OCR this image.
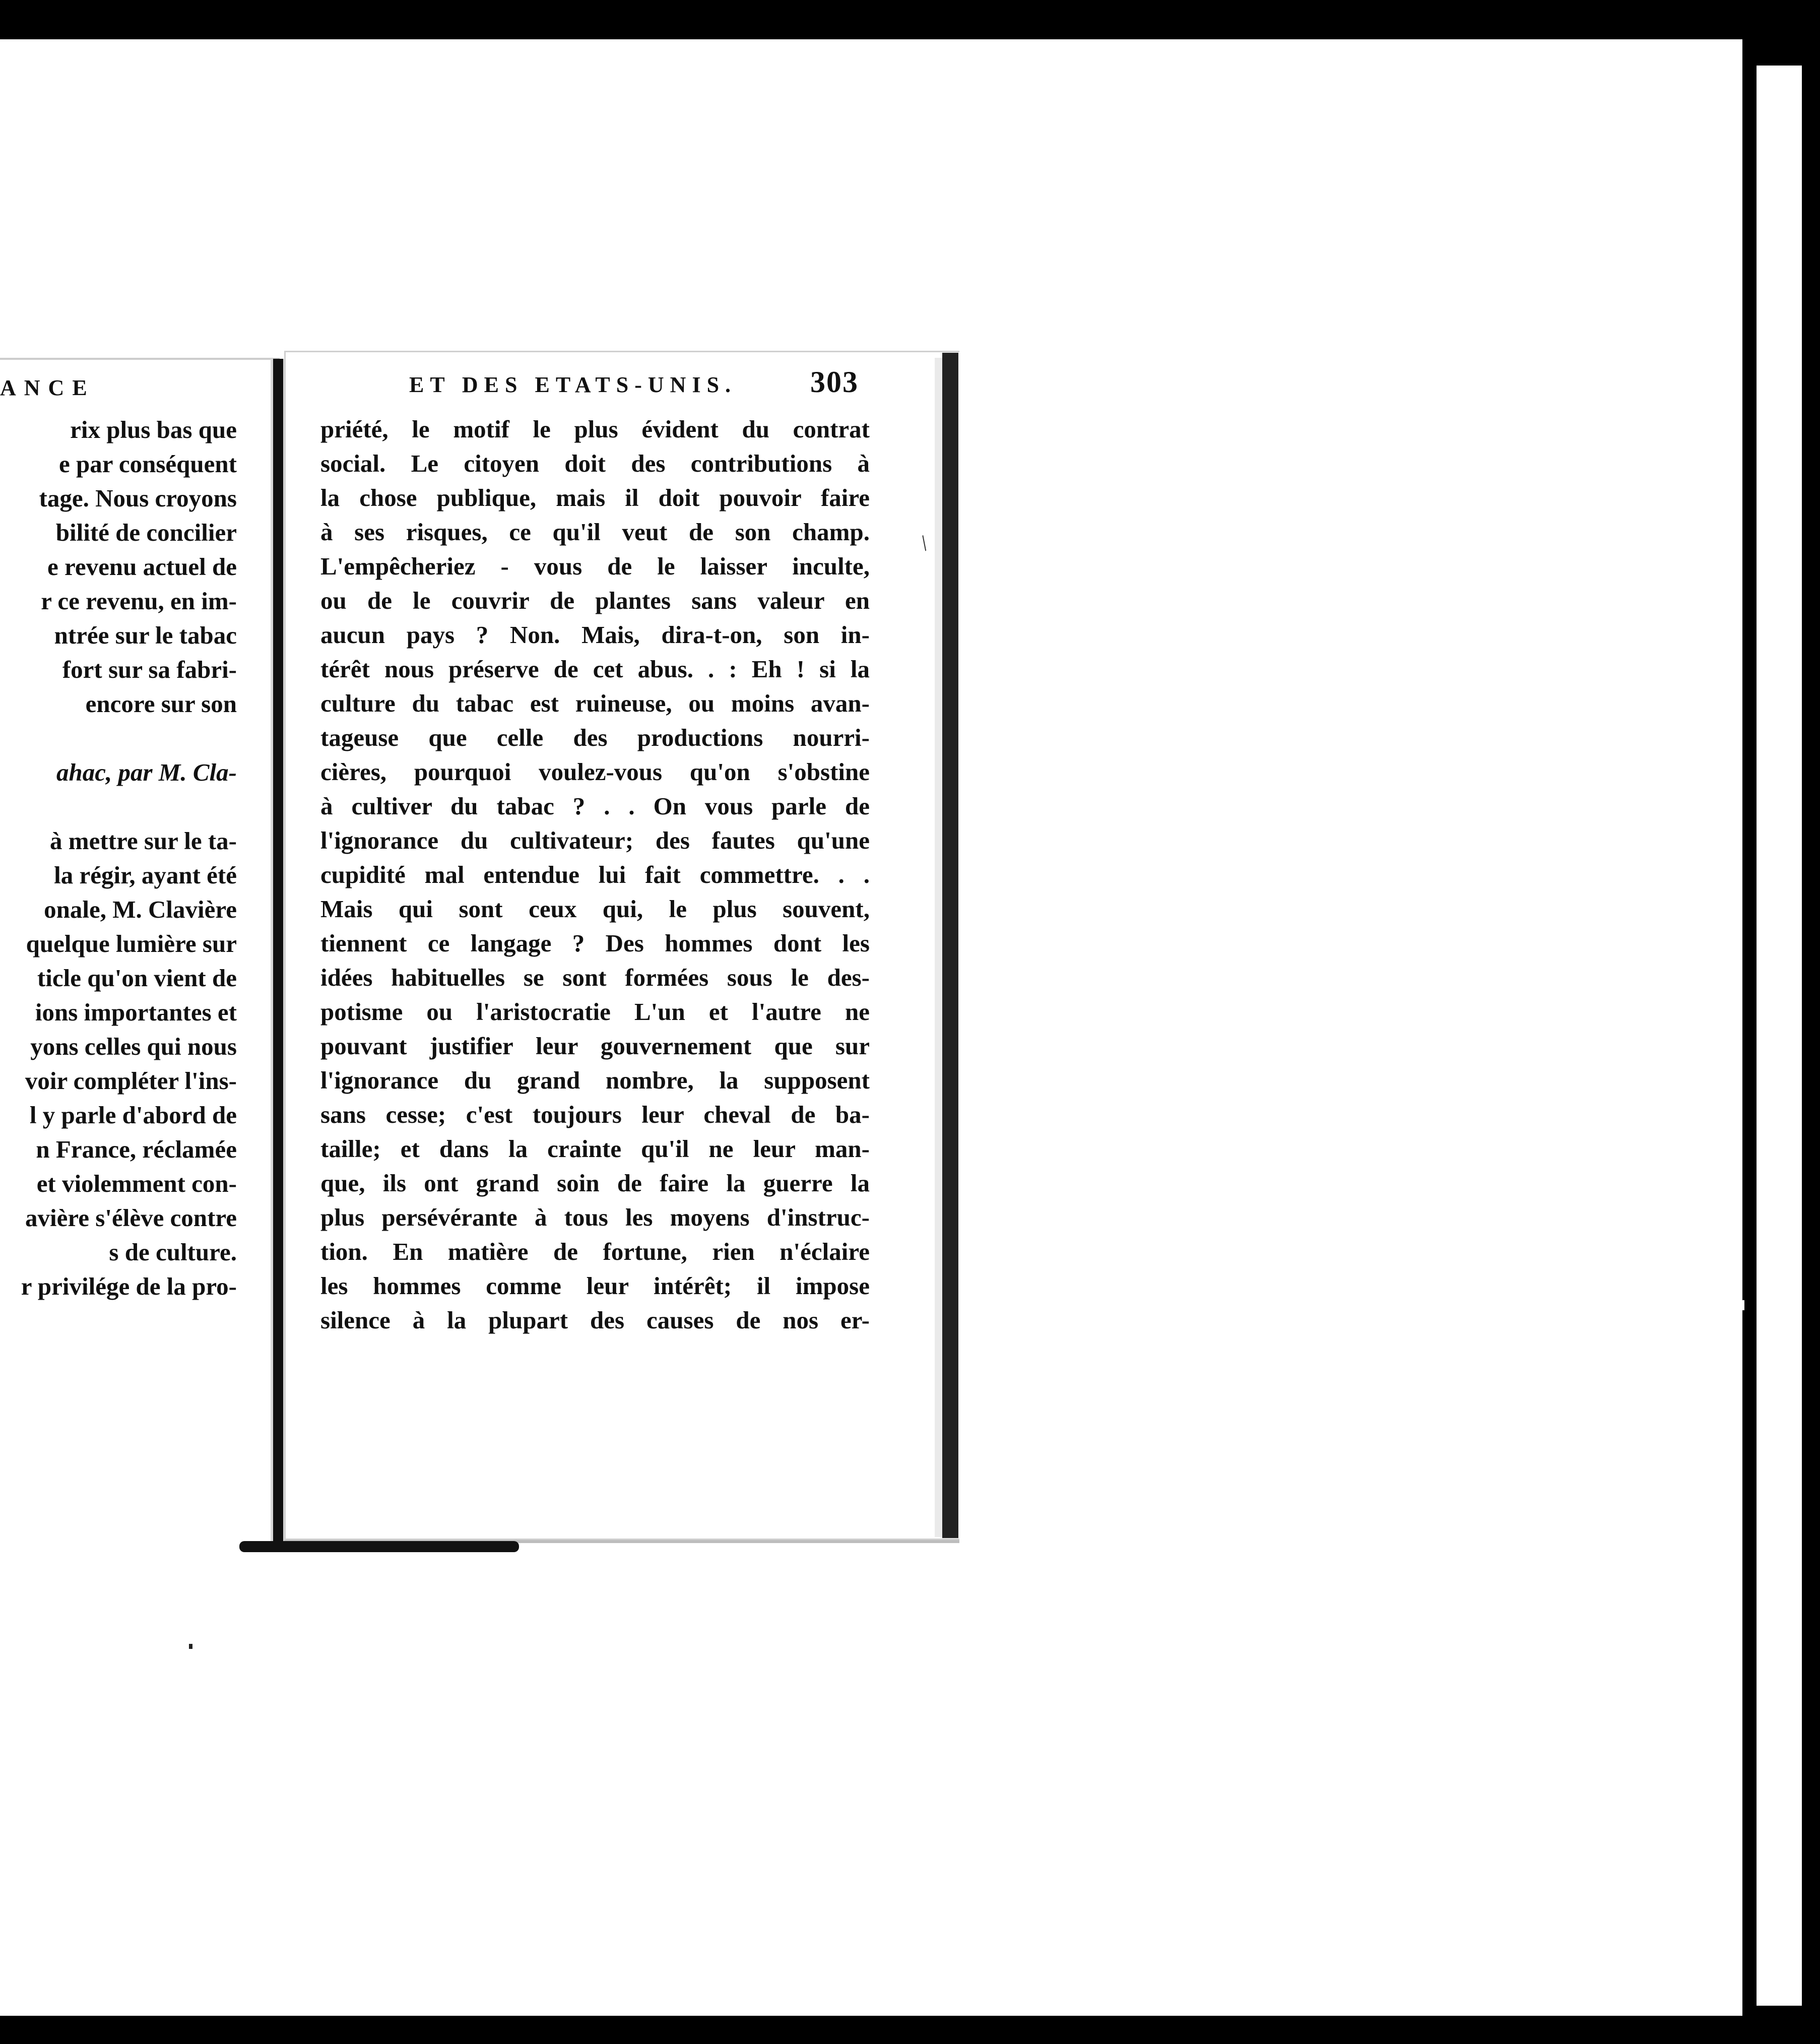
ANCE
rix plus bas que
e par conséquent
tage. Nous croyons
bilité de concilier
e revenu actuel de
r ce revenu, en im-
ntrée sur le tabac
fort sur sa fabri-
encore sur son
ahac, par M. Cla-
à mettre sur le ta-
la régir, ayant été
onale, M. Clavière
quelque lumière sur
ticle qu'on vient de
ions importantes et
yons celles qui nous
voir compléter l'ins-
l y parle d'abord de
n France, réclamée
et violemment con-
avière s'élève contre
s de culture.
r privilége de la pro-
ET DES ETATS-UNIS. 303
priété, le motif le plus évident du contrat
social. Le citoyen doit des contributions à
la chose publique, mais il doit pouvoir faire
à ses risques, ce qu'il veut de son champ.
L'empêcheriez - vous de le laisser inculte,
ou de le couvrir de plantes sans valeur en
aucun pays ? Non. Mais, dira-t-on, son in-
térêt nous préserve de cet abus. . : Eh ! si la
culture du tabac est ruineuse, ou moins avan-
tageuse que celle des productions nourri-
cières, pourquoi voulez-vous qu'on s'obstine
à cultiver du tabac ? . . On vous parle de
l'ignorance du cultivateur; des fautes qu'une
cupidité mal entendue lui fait commettre. . .
Mais qui sont ceux qui, le plus souvent,
tiennent ce langage ? Des hommes dont les
idées habituelles se sont formées sous le des-
potisme ou l'aristocratie L'un et l'autre ne
pouvant justifier leur gouvernement que sur
l'ignorance du grand nombre, la supposent
sans cesse; c'est toujours leur cheval de ba-
taille; et dans la crainte qu'il ne leur man-
que, ils ont grand soin de faire la guerre la
plus persévérante à tous les moyens d'instruc-
tion. En matière de fortune, rien n'éclaire
les hommes comme leur intérêt; il impose
silence à la plupart des causes de nos er-
/
